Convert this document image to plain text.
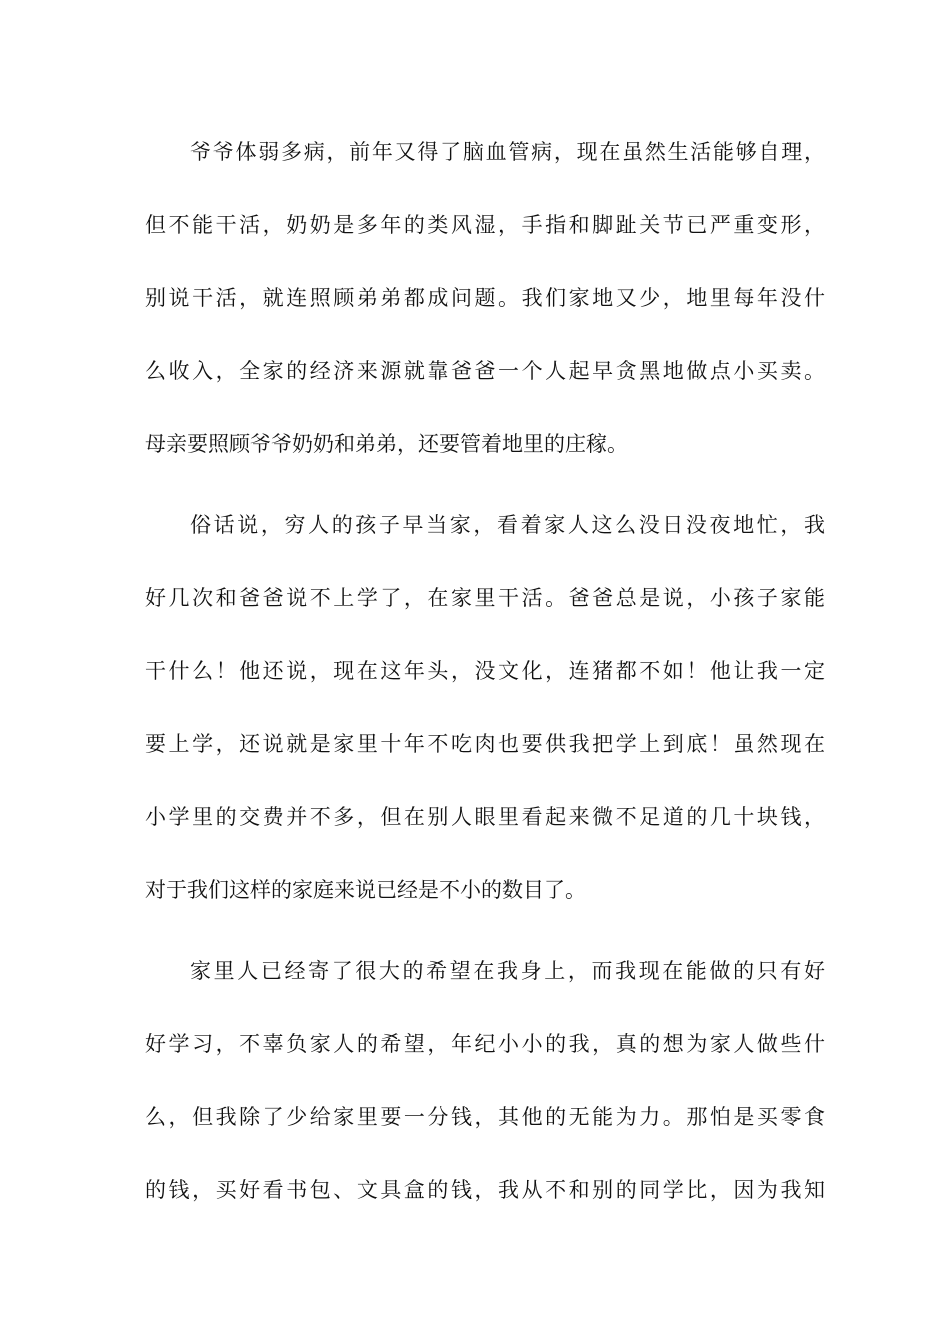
爷爷体弱多病，前年又得了脑血管病，现在虽然生活能够自理，
但不能干活，奶奶是多年的类风湿，手指和脚趾关节已严重变形，
别说干活，就连照顾弟弟都成问题。我们家地又少，地里每年没什
么收入，全家的经济来源就靠爸爸一个人起早贪黑地做点小买卖。
母亲要照顾爷爷奶奶和弟弟，还要管着地里的庄稼。
俗话说，穷人的孩子早当家，看着家人这么没日没夜地忙，我
好几次和爸爸说不上学了，在家里干活。爸爸总是说，小孩子家能
干什么！他还说，现在这年头，没文化，连猪都不如！他让我一定
要上学，还说就是家里十年不吃肉也要供我把学上到底！虽然现在
小学里的交费并不多，但在别人眼里看起来微不足道的几十块钱，
对于我们这样的家庭来说已经是不小的数目了。
家里人已经寄了很大的希望在我身上，而我现在能做的只有好
好学习，不辜负家人的希望，年纪小小的我，真的想为家人做些什
么，但我除了少给家里要一分钱，其他的无能为力。那怕是买零食
的钱，买好看书包、文具盒的钱，我从不和别的同学比，因为我知
